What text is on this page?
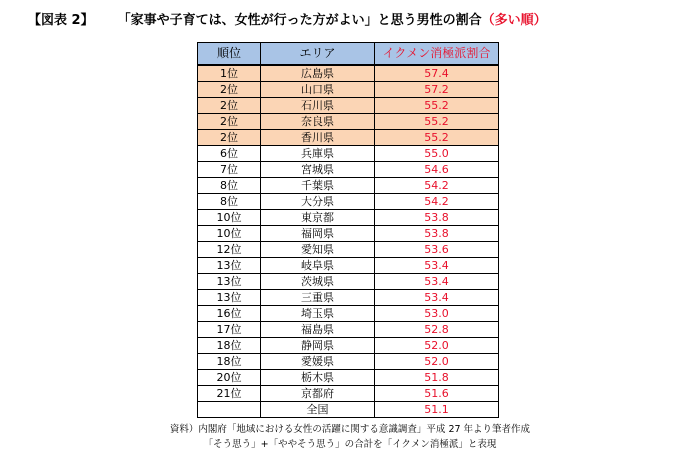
【図表 2】 「家事や子育ては、女性が行った方がよい」と思う男性の割合（多い順）
順位	エリア	イクメン消極派割合
1位	広島県	57.4
2位	山口県	57.2
2位	石川県	55.2
2位	奈良県	55.2
2位	香川県	55.2
6位	兵庫県	55.0
7位	宮城県	54.6
8位	千葉県	54.2
8位	大分県	54.2
10位	東京都	53.8
10位	福岡県	53.8
12位	愛知県	53.6
13位	岐阜県	53.4
13位	茨城県	53.4
13位	三重県	53.4
16位	埼玉県	53.0
17位	福島県	52.8
18位	静岡県	52.0
18位	愛媛県	52.0
20位	栃木県	51.8
21位	京都府	51.6
	全国	51.1
資料）内閣府「地域における女性の活躍に関する意識調査」平成 27 年より筆者作成
「そう思う」+「ややそう思う」の合計を「イクメン消極派」と表現
